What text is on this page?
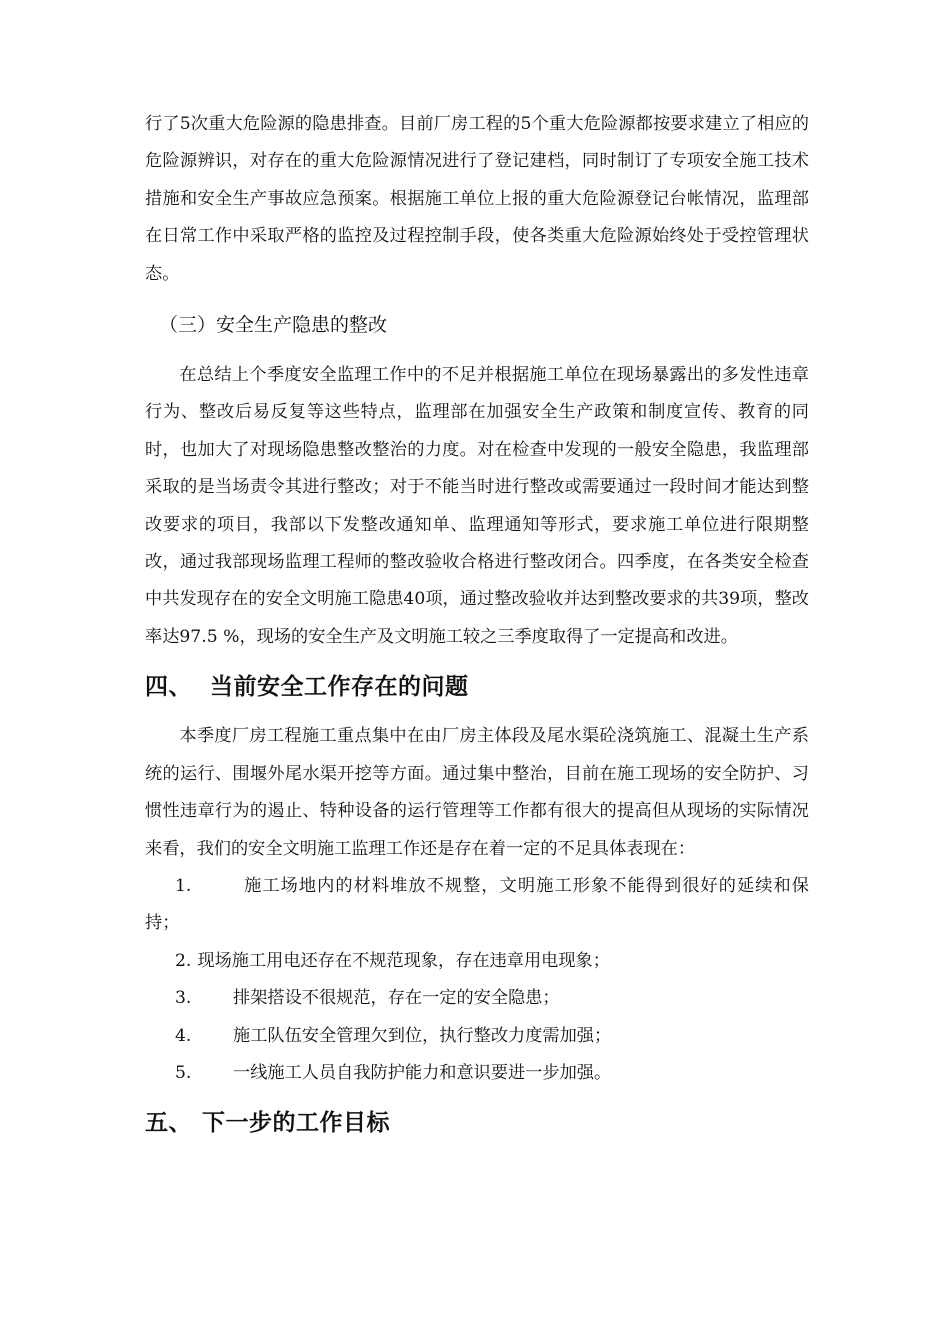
行了5次重大危险源的隐患排查。目前厂房工程的5个重大危险源都按要求建立了相应的危险源辨识，对存在的重大危险源情况进行了登记建档，同时制订了专项安全施工技术措施和安全生产事故应急预案。根据施工单位上报的重大危险源登记台帐情况，监理部在日常工作中采取严格的监控及过程控制手段，使各类重大危险源始终处于受控管理状态。

（三）安全生产隐患的整改

在总结上个季度安全监理工作中的不足并根据施工单位在现场暴露出的多发性违章行为、整改后易反复等这些特点，监理部在加强安全生产政策和制度宣传、教育的同时，也加大了对现场隐患整改整治的力度。对在检查中发现的一般安全隐患，我监理部采取的是当场责令其进行整改；对于不能当时进行整改或需要通过一段时间才能达到整改要求的项目，我部以下发整改通知单、监理通知等形式，要求施工单位进行限期整改，通过我部现场监理工程师的整改验收合格进行整改闭合。四季度，在各类安全检查中共发现存在的安全文明施工隐患40项，通过整改验收并达到整改要求的共39项，整改率达97.5 %，现场的安全生产及文明施工较之三季度取得了一定提高和改进。

四、 当前安全工作存在的问题

本季度厂房工程施工重点集中在由厂房主体段及尾水渠砼浇筑施工、混凝土生产系统的运行、围堰外尾水渠开挖等方面。通过集中整治，目前在施工现场的安全防护、习惯性违章行为的遏止、特种设备的运行管理等工作都有很大的提高但从现场的实际情况来看，我们的安全文明施工监理工作还是存在着一定的不足具体表现在：

1.	施工场地内的材料堆放不规整，文明施工形象不能得到很好的延续和保持；

2. 现场施工用电还存在不规范现象，存在违章用电现象；

3. 排架搭设不很规范，存在一定的安全隐患；

4. 施工队伍安全管理欠到位，执行整改力度需加强；

5. 一线施工人员自我防护能力和意识要进一步加强。

五、 下一步的工作目标
